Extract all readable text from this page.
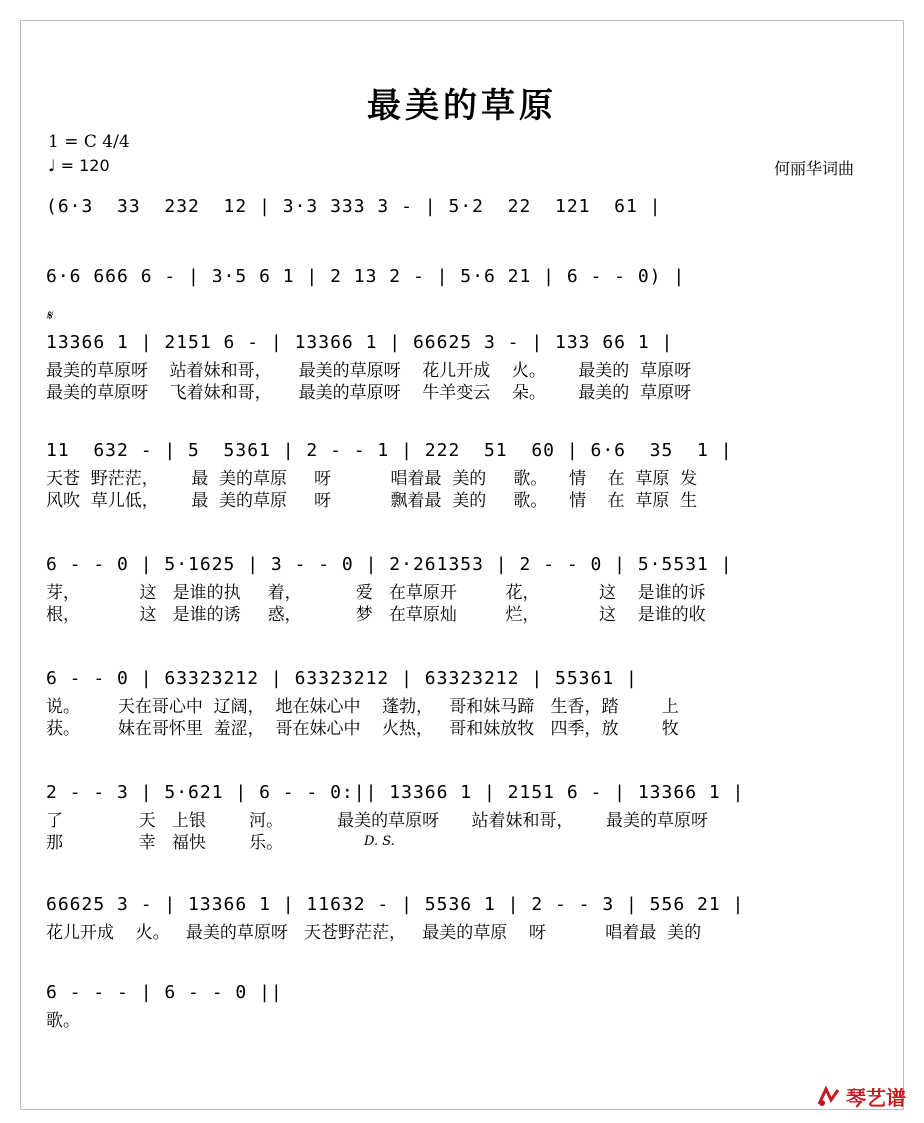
最美的草原
1 = C 4/4
♩ = 120	何丽华词曲
𝄋
(6·3  33  232  12 | 3·3 333 3 - | 5·2  22  121  61 |
6·6 666 6 - | 3·5 6 1 | 2 13 2 - | 5·6 21 | 6 - - 0) |
13366 1 | 2151 6 - | 13366 1 | 66625 3 - | 133 66 1 |
最美的草原呀    站着妹和哥，     最美的草原呀    花儿开成    火。      最美的  草原呀
最美的草原呀    飞着妹和哥，     最美的草原呀    牛羊变云    朵。      最美的  草原呀
11  632 - | 5  5361 | 2 - - 1 | 222  51  60 | 6·6  35  1 |
天苍  野茫茫，      最  美的草原     呀           唱着最  美的     歌。    情    在  草原  发
风吹  草儿低，      最  美的草原     呀           飘着最  美的     歌。    情    在  草原  生
6 - - 0 | 5·1625 | 3 - - 0 | 2·261353 | 2 - - 0 | 5·5531 |
芽，           这   是谁的执     着，          爱   在草原开         花，           这    是谁的诉
根，           这   是谁的诱     惑，          梦   在草原灿         烂，           这    是谁的收
6 - - 0 | 63323212 | 63323212 | 63323212 | 55361 |
说。       天在哥心中  辽阔，  地在妹心中    蓬勃，   哥和妹马蹄   生香，踏        上
获。       妹在哥怀里  羞涩，  哥在妹心中    火热，   哥和妹放牧   四季，放        牧
2 - - 3 | 5·621 | 6 - - 0:|| 13366 1 | 2151 6 - | 13366 1 |
了              天   上银        河。          最美的草原呀      站着妹和哥，      最美的草原呀
那              幸   福快        乐。	D. S.
66625 3 - | 13366 1 | 11632 - | 5536 1 | 2 - - 3 | 556 21 |
花儿开成    火。   最美的草原呀   天苍野茫茫，   最美的草原    呀           唱着最  美的
6 - - - | 6 - - 0 ||
歌。
琴艺谱
